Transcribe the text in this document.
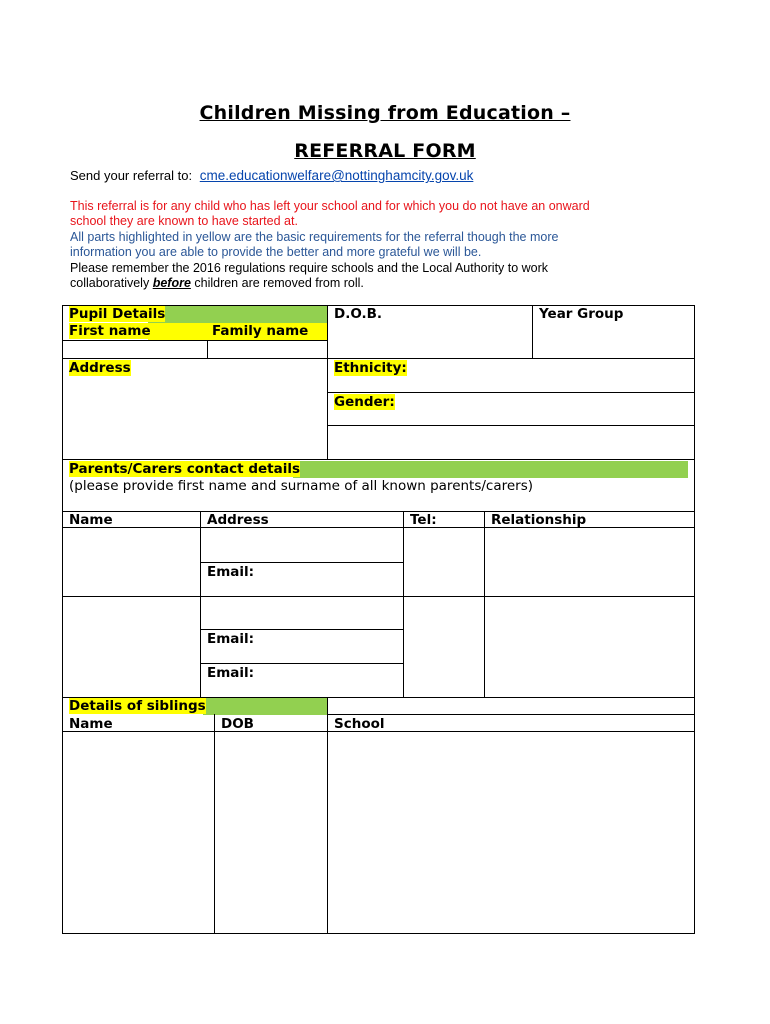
Children Missing from Education –
REFERRAL FORM
Send your referral to: cme.educationwelfare@nottinghamcity.gov.uk
This referral is for any child who has left your school and for which you do not have an onward
school they are known to have started at.
All parts highlighted in yellow are the basic requirements for the referral though the more
information you are able to provide the better and more grateful we will be.
Please remember the 2016 regulations require schools and the Local Authority to work
collaboratively before children are removed from roll.
Pupil Details
First name	Family name
D.O.B.	Year Group
Address	Ethnicity:
Gender:
Parents/Carers contact details
(please provide first name and surname of all known parents/carers)
Name	Address	Tel:	Relationship
Email:
Email:
Email:
Details of siblings
Name	DOB	School
